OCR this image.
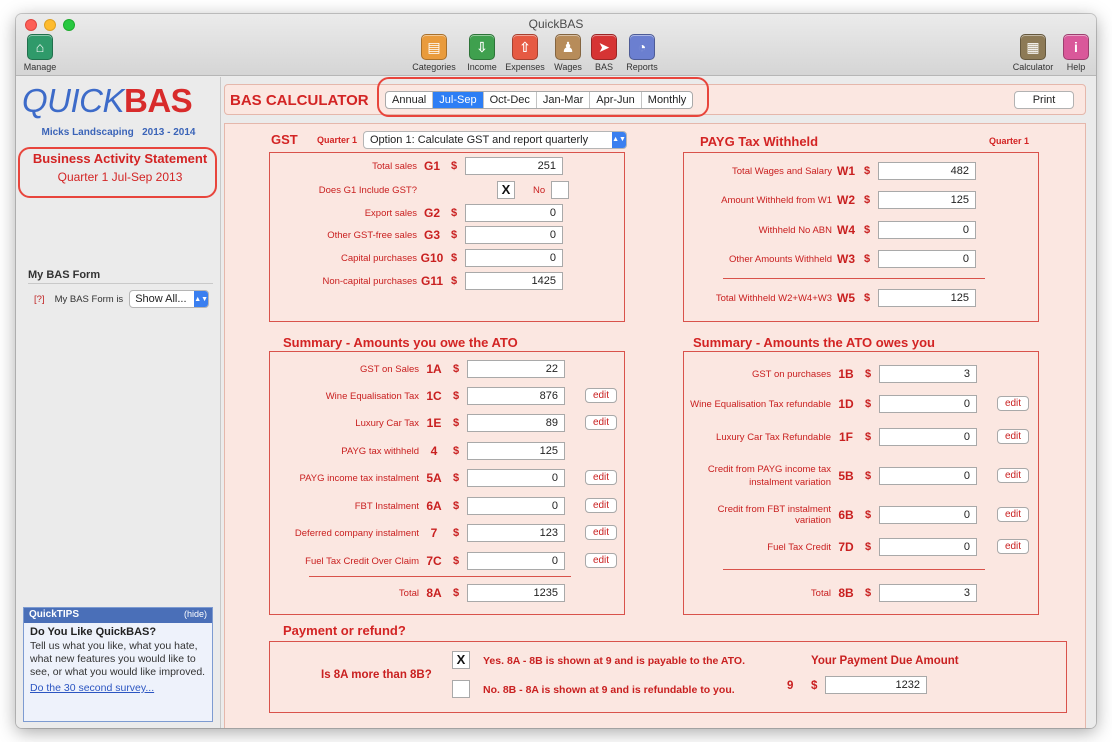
QuickBAS
⌂
Manage
▤
Categories
⇩
Income
⇧
Expenses
♟
Wages
➤
BAS
◔
Reports
▦
Calculator
i
Help
QUICKBAS
Micks Landscaping 2013 - 2014
Business Activity Statement
Quarter 1 Jul-Sep 2013
My BAS Form
[?] My BAS Form is Show All... ▲▼
QuickTIPS	(hide)
Do You Like QuickBAS?
Tell us what you like, what you hate, what new features you would like to see, or what you would like improved.
Do the 30 second survey...
BAS CALCULATOR	Annual	Jul-Sep	Oct-Dec	Jan-Mar	Apr-Jun	Monthly	Print
GST Quarter 1	Option 1: Calculate GST and report quarterly	▲▼	PAYG Tax Withheld	Quarter 1
Summary - Amounts you owe the ATO	Summary - Amounts the ATO owes you
Payment or refund?
Is 8A more than 8B?
X	Yes. 8A - 8B is shown at 9 and is payable to the ATO.
No. 8B - 8A is shown at 9 and is refundable to you.
Your Payment Due Amount
9 $	1232
Total sales G1 $	251
Export sales G2 $	0
Other GST-free sales G3 $	0
Capital purchases G10 $	0
Non-capital purchases G11 $	1425
Does G1 Include GST?	X	No
Total Wages and Salary W1 $	482
Amount Withheld from W1 W2 $	125
Withheld No ABN W4 $	0
Other Amounts Withheld W3 $	0
Total Withheld W2+W4+W3 W5 $	125
GST on Sales 1A	$	22
Wine Equalisation Tax 1C	$	876	edit
Luxury Car Tax 1E	$	89	edit
PAYG tax withheld 4	$	125
PAYG income tax instalment 5A	$	0	edit
FBT Instalment 6A	$	0	edit
Deferred company instalment 7	$	123	edit
Fuel Tax Credit Over Claim 7C	$	0	edit
Total 8A	$	1235
GST on purchases 1B	$	3
Wine Equalisation Tax refundable 1D	$	0	edit
Luxury Car Tax Refundable 1F	$	0	edit
Credit from PAYG income tax instalment variation 5B	$	0	edit
Credit from FBT instalment variation 6B	$	0	edit
Fuel Tax Credit 7D	$	0	edit
Total 8B	$	3
